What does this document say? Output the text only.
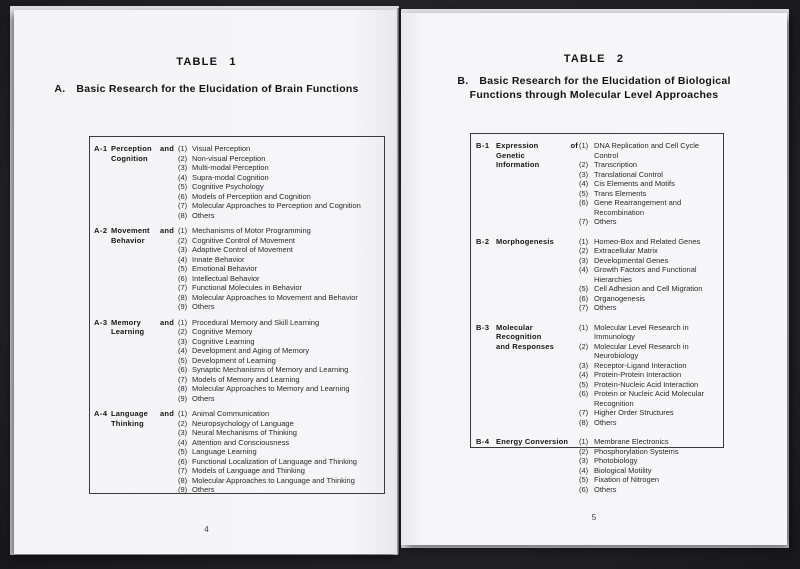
TABLE 1
A. Basic Research for the Elucidation of Brain Functions
A-1 Perception and
Cognition
(1) Visual Perception
(2) Non-visual Perception
(3) Multi-modal Perception
(4) Supra-modal Cognition
(5) Cognitive Psychology
(6) Models of Perception and Cognition
(7) Molecular Approaches to Perception and Cognition
(8) Others
A-2 Movement and
Behavior
(1) Mechanisms of Motor Programming
(2) Cognitive Control of Movement
(3) Adaptive Control of Movement
(4) Innate Behavior
(5) Emotional Behavior
(6) Intellectual Behavior
(7) Functional Molecules in Behavior
(8) Molecular Approaches to Movement and Behavior
(9) Others
A-3 Memory and
Learning
(1) Procedural Memory and Skill Learning
(2) Cognitive Memory
(3) Cognitive Learning
(4) Development and Aging of Memory
(5) Development of Learning
(6) Synaptic Mechanisms of Memory and Learning
(7) Models of Memory and Learning
(8) Molecular Approaches to Memory and Learning
(9) Others
A-4 Language and
Thinking
(1) Animal Communication
(2) Neuropsychology of Language
(3) Neural Mechanisms of Thinking
(4) Attention and Consciousness
(5) Language Learning
(6) Functional Localization of Language and Thinking
(7) Models of Language and Thinking
(8) Molecular Approaches to Language and Thinking
(9) Others
4
TABLE 2
B. Basic Research for the Elucidation of Biological
Functions through Molecular Level Approaches
B-1 Expression of Genetic
Information
(1) DNA Replication and Cell Cycle Control
(2) Transcription
(3) Translational Control
(4) Cis Elements and Motifs
(5) Trans Elements
(6) Gene Rearrangement and Recombination
(7) Others
B-2 Morphogenesis	(1) Homeo-Box and Related Genes
(2) Extracellular Matrix
(3) Developmental Genes
(4) Growth Factors and Functional Hierarchies
(5) Cell Adhesion and Cell Migration
(6) Organogenesis
(7) Others
B-3 Molecular Recognition
and Responses
(1) Molecular Level Research in Immunology
(2) Molecular Level Research in Neurobiology
(3) Receptor-Ligand Interaction
(4) Protein-Protein Interaction
(5) Protein-Nucleic Acid Interaction
(6) Protein or Nucleic Acid Molecular Recognition
(7) Higher Order Structures
(8) Others
B-4 Energy Conversion	(1) Membrane Electronics
(2) Phosphorylation Systems
(3) Photobiology
(4) Biological Motility
(5) Fixation of Nitrogen
(6) Others
5
